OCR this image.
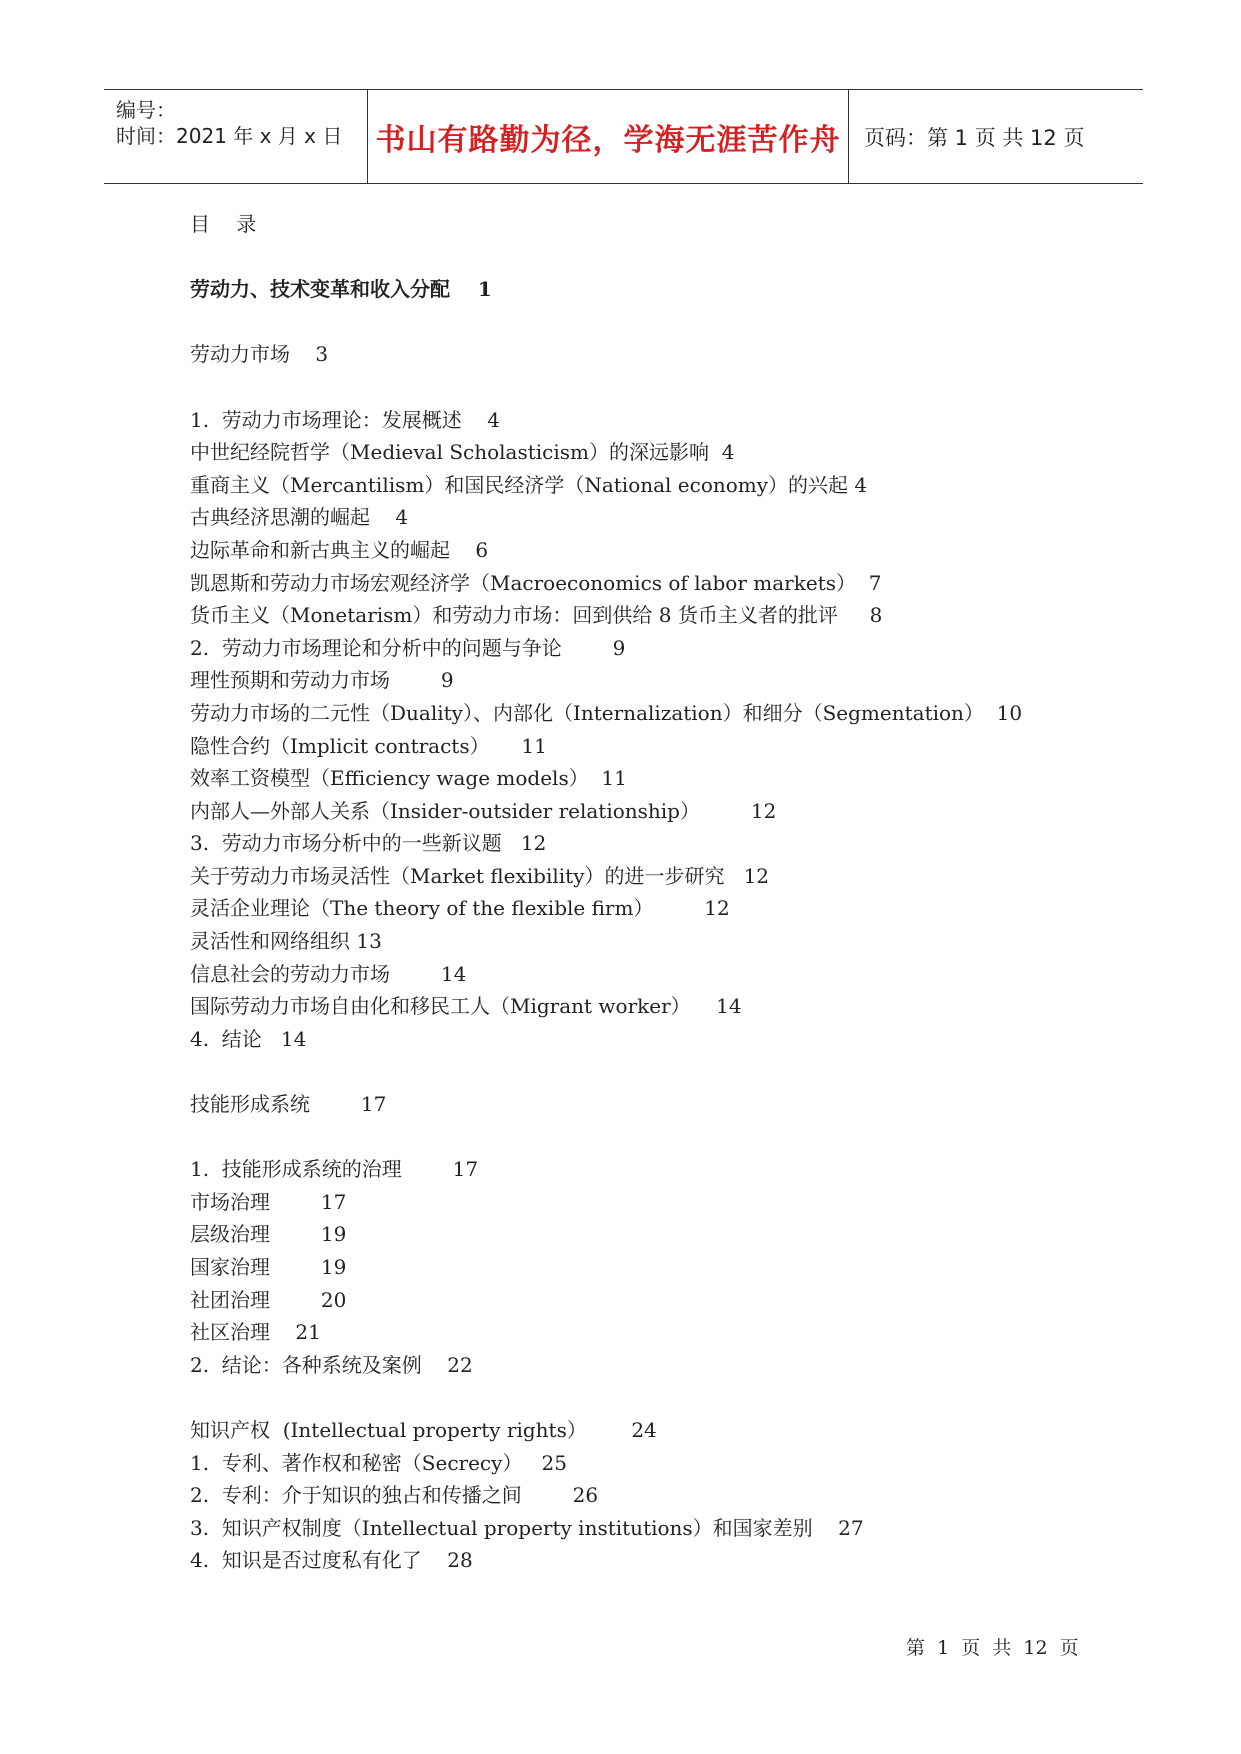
编号：
时间：2021 年 x 月 x 日 书山有路勤为径，学海无涯苦作舟 页码：第 1 页 共 12 页
目　 录
劳动力、技术变革和收入分配    1
劳动力市场    3
1.  劳动力市场理论：发展概述    4
中世纪经院哲学（Medieval Scholasticism）的深远影响  4
重商主义（Mercantilism）和国民经济学（National economy）的兴起 4
古典经济思潮的崛起    4
边际革命和新古典主义的崛起    6
凯恩斯和劳动力市场宏观经济学（Macroeconomics of labor markets）  7
货币主义（Monetarism）和劳动力市场：回到供给 8 货币主义者的批评     8
2.  劳动力市场理论和分析中的问题与争论        9
理性预期和劳动力市场        9
劳动力市场的二元性（Duality）、内部化（Internalization）和细分（Segmentation）  10
隐性合约（Implicit contracts）     11
效率工资模型（Efficiency wage models）  11
内部人—外部人关系（Insider-outsider relationship）        12
3.  劳动力市场分析中的一些新议题   12
关于劳动力市场灵活性（Market flexibility）的进一步研究   12
灵活企业理论（The theory of the flexible firm）        12
灵活性和网络组织 13
信息社会的劳动力市场        14
国际劳动力市场自由化和移民工人（Migrant worker）    14
4.  结论   14
技能形成系统        17
1.  技能形成系统的治理        17
市场治理        17
层级治理        19
国家治理        19
社团治理        20
社区治理    21
2.  结论：各种系统及案例    22
知识产权  (Intellectual property rights）       24
1.  专利、著作权和秘密（Secrecy）   25
2.  专利：介于知识的独占和传播之间        26
3.  知识产权制度（Intellectual property institutions）和国家差别    27
4.  知识是否过度私有化了    28
第  1  页  共  12  页
